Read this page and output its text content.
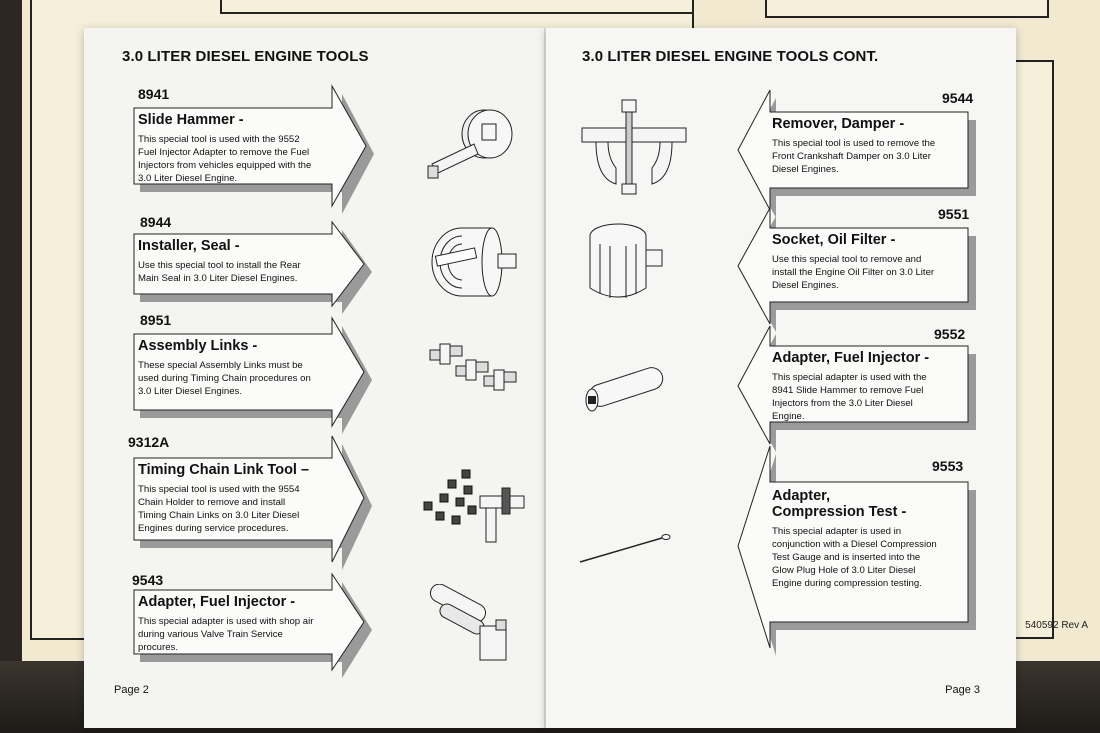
3.0 LITER DIESEL ENGINE TOOLS
8941
Slide Hammer -
This special tool is used with the 9552 Fuel Injector Adapter to remove the Fuel Injectors from vehicles equipped with the 3.0 Liter Diesel Engine.
8944
Installer, Seal -
Use this special tool to install the Rear Main Seal in 3.0 Liter Diesel Engines.
8951
Assembly Links -
These special Assembly Links must be used during Timing Chain procedures on 3.0 Liter Diesel Engines.
9312A
Timing Chain Link Tool –
This special tool is used with the 9554 Chain Holder to remove and install Timing Chain Links on 3.0 Liter Diesel Engines during service procedures.
9543
Adapter, Fuel Injector -
This special adapter is used with shop air during various Valve Train Service procures.
Page 2
3.0 LITER DIESEL ENGINE TOOLS CONT.
9544
Remover, Damper -
This special tool is used to remove the Front Crankshaft Damper on 3.0 Liter Diesel Engines.
9551
Socket, Oil Filter -
Use this special tool to remove and install the Engine Oil Filter on 3.0 Liter Diesel Engines.
9552
Adapter, Fuel Injector -
This special adapter is used with the 8941 Slide Hammer to remove Fuel Injectors from the 3.0 Liter Diesel Engine.
9553
Adapter,
Compression Test -
This special adapter is used in conjunction with a Diesel Compression Test Gauge and is inserted into the Glow Plug Hole of 3.0 Liter Diesel Engine during compression testing.
Page 3
540592 Rev A
